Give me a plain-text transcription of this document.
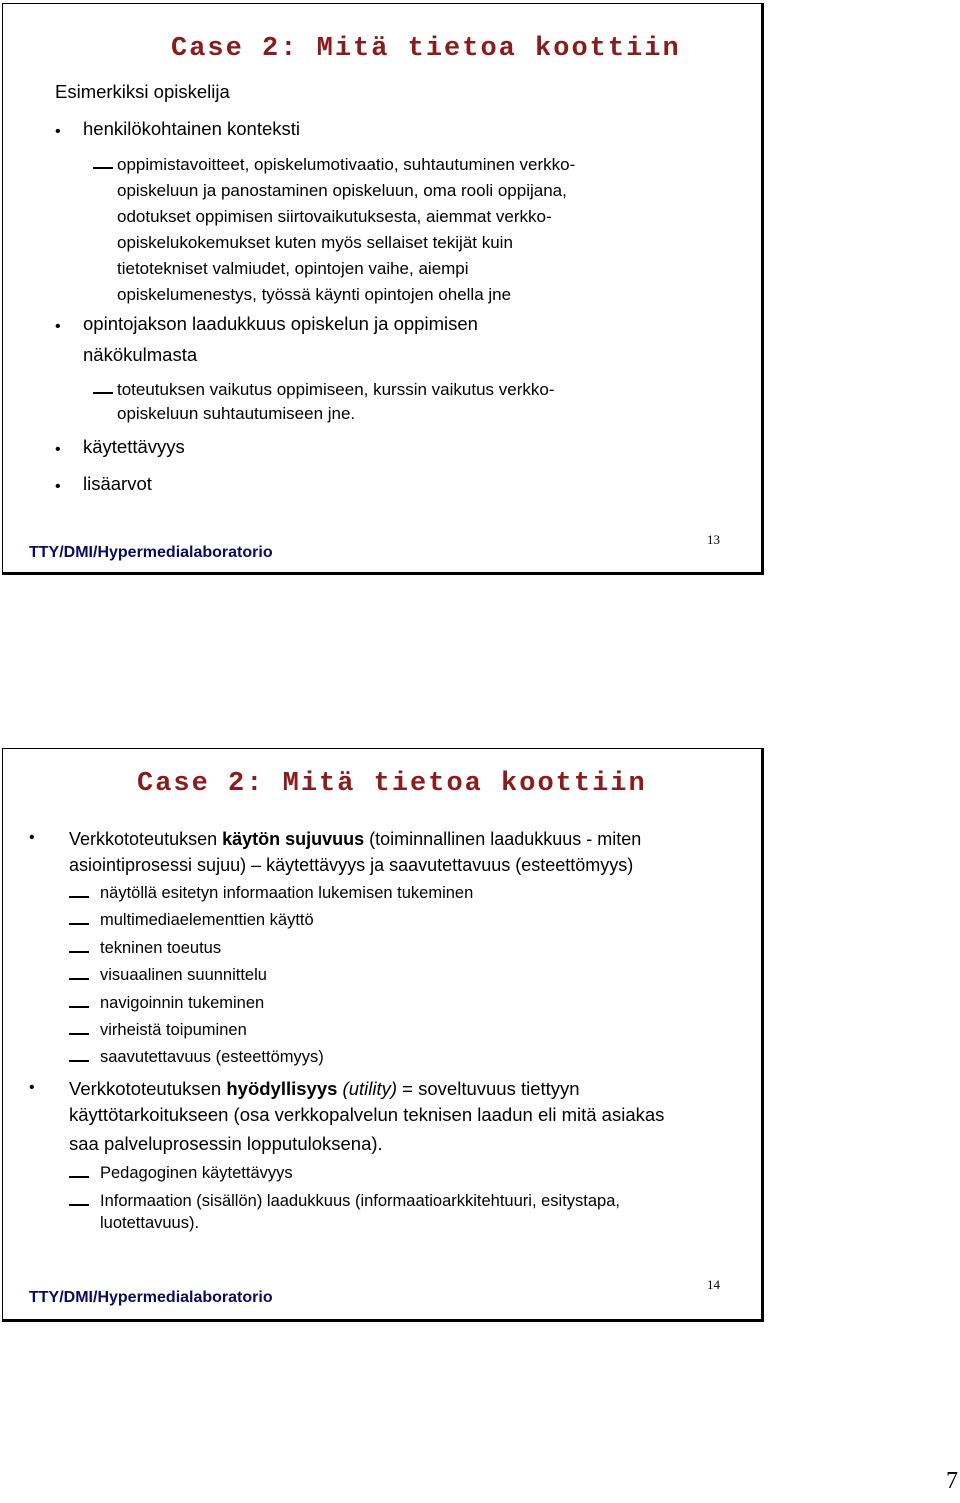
Case 2: Mitä tietoa koottiin
Esimerkiksi opiskelija
• henkilökohtainen konteksti
oppimistavoitteet, opiskelumotivaatio, suhtautuminen verkko-
opiskeluun ja panostaminen opiskeluun, oma rooli oppijana,
odotukset oppimisen siirtovaikutuksesta, aiemmat verkko-
opiskelukokemukset kuten myös sellaiset tekijät kuin
tietotekniset valmiudet, opintojen vaihe, aiempi
opiskelumenestys, työssä käynti opintojen ohella jne
• opintojakson laadukkuus opiskelun ja oppimisen
näkökulmasta
toteutuksen vaikutus oppimiseen, kurssin vaikutus verkko-
opiskeluun suhtautumiseen jne.
• käytettävyys
• lisäarvot
TTY/DMI/Hypermedialaboratorio
13
Case 2: Mitä tietoa koottiin
• Verkkototeutuksen käytön sujuvuus (toiminnallinen laadukkuus - miten
asiointiprosessi sujuu) – käytettävyys ja saavutettavuus (esteettömyys)
näytöllä esitetyn informaation lukemisen tukeminen
multimediaelementtien käyttö
tekninen toeutus
visuaalinen suunnittelu
navigoinnin tukeminen
virheistä toipuminen
saavutettavuus (esteettömyys)
• Verkkototeutuksen hyödyllisyys (utility) = soveltuvuus tiettyyn
käyttötarkoitukseen (osa verkkopalvelun teknisen laadun eli mitä asiakas
saa palveluprosessin lopputuloksena).
Pedagoginen käytettävyys
Informaation (sisällön) laadukkuus (informaatioarkkitehtuuri, esitystapa,
luotettavuus).
TTY/DMI/Hypermedialaboratorio
14
7
